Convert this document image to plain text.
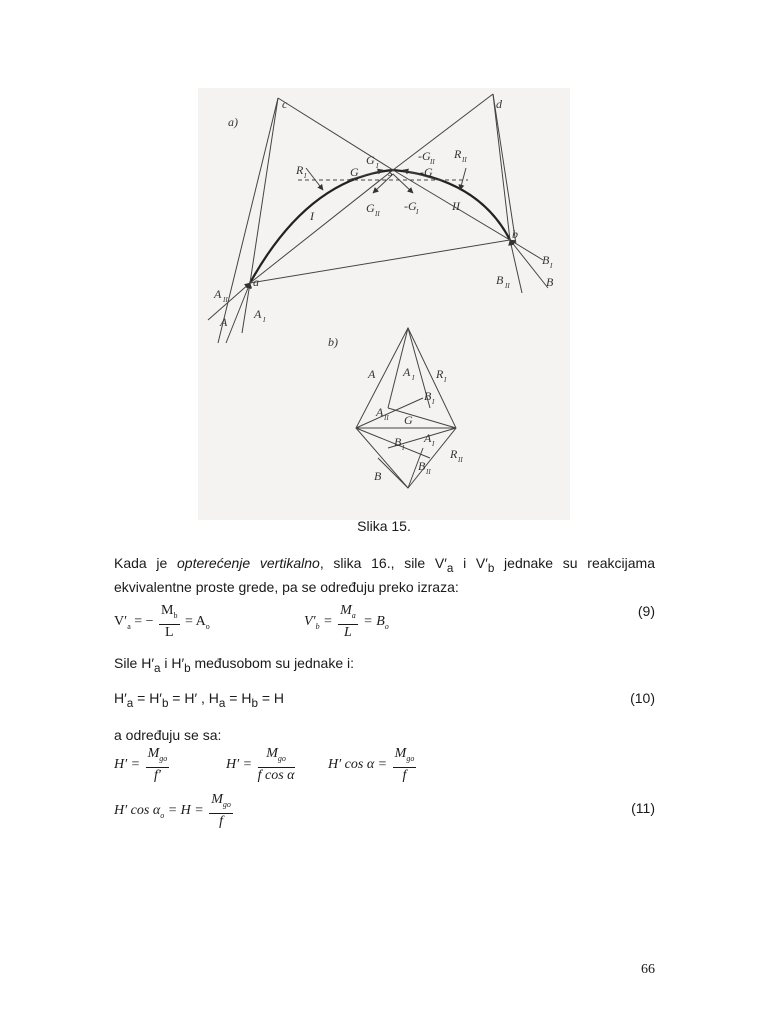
a)
c	d
s
G I
G	-G
-G II
G II
-G I
R I
R II
I
II
a
b
A II
A
A I
B I
B
B II
b)
A A I R I
B I
A II G
B I
A I
R II
B
B II
Slika 15.
Kada je opterećenje vertikalno, slika 16., sile $V'_a$ i $V'_b$ jednake su reakcijama ekvivalentne proste grede, pa se određuju preko izraza:
$V'_a$ = − $\frac{M_b}{L} = A_o$	$V'_b = \frac{M_a}{L} = B_o$
(9)
Sile $H'_a$ i $H'_b$ međusobom su jednake i:
$H'_a = H'_b = H'$ , $H_a = H_b = H$	(10)
a određuju se sa:
$H' = \frac{M_{go}}{f'}$	$H' = \frac{M_{go}}{\text{f cos α}} H'$ $\cos \alpha = \frac{M_{go}}{f}$
H′ $\cos \alpha_o = H = \frac{M_{go}}{f}$	(11)
66
